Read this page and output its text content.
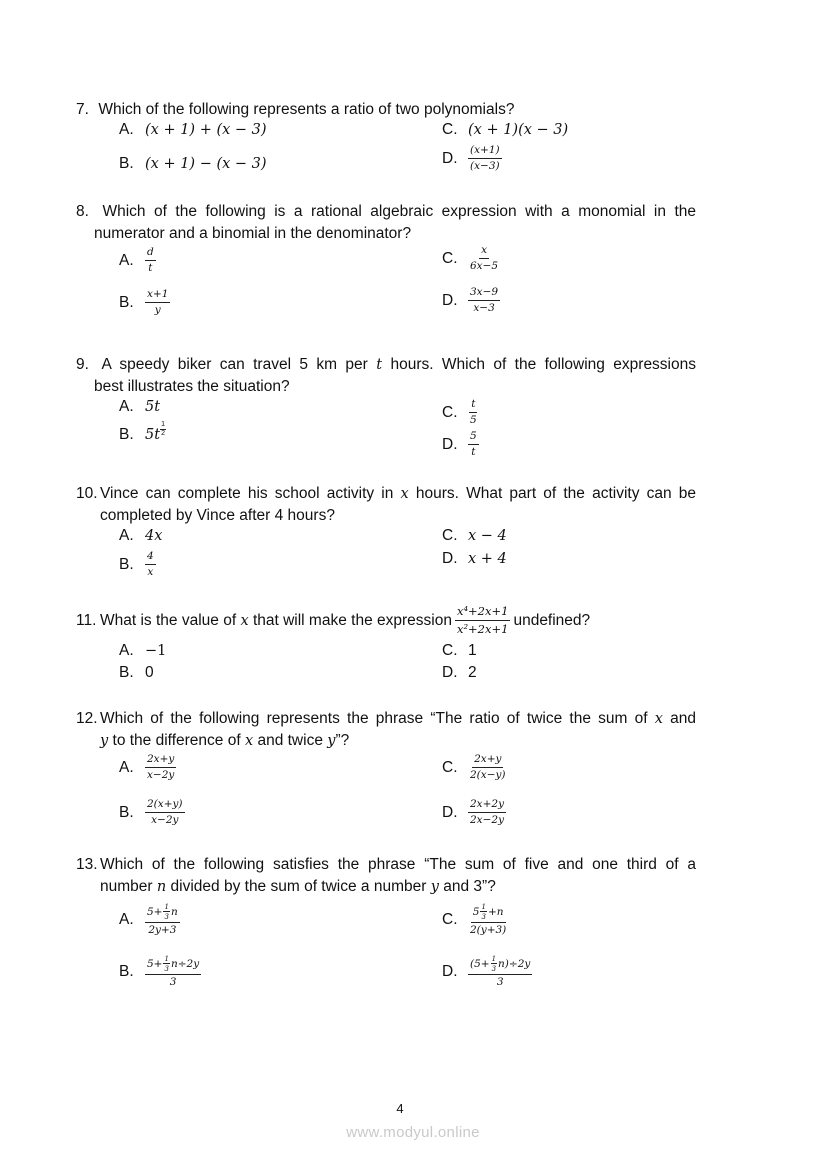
7. Which of the following represents a ratio of two polynomials?
A. (x + 1) + (x − 3)
B. (x + 1) − (x − 3)
C. (x + 1)(x − 3)
D.	$\frac{(x+1)}{(x-3)}$
8. Which of the following is a rational algebraic expression with a monomial in the
numerator and a binomial in the denominator?
A.	$\frac{d}{t}$
B.	$\frac{x+1}{y}$
C.	$\frac{x}{6x-5}$
D.	$\frac{3x-9}{x-3}$
9. A speedy biker can travel 5 km per t hours. Which of the following expressions
best illustrates the situation?
A. 5t
B. $5t \frac{1}{2}$
C.	$\frac{t}{5}$
D.	$\frac{5}{t}$
10. Vince can complete his school activity in x hours. What part of the activity can be
completed by Vince after 4 hours?
A. 4x
B.	$\frac{4}{x}$
C. x − 4
D. x + 4
11. What is the value of
x
that will make the expression $\frac{\text{x⁴+2x+1}}{\text{x²+2x+1}}$ undefined?
A. −1
B. 0
C. 1
D. 2
12. Which of the following represents the phrase “The ratio of twice the sum of x and
y to the difference of x and twice y”?
A.	$\frac{2x+y}{x-2y}$
B.	$\frac{2(x+y)}{x-2y}$
C.	$\frac{2x+y}{2(x-y)}$
D.	$\frac{2x+2y}{2x-2y}$
13. Which of the following satisfies the phrase “The sum of five and one third of a
number n divided by the sum of twice a number y and 3”?
A.	$\frac{5+ \frac{1}{3} n}{2y+3}$
B.	$\frac{5+ \frac{1}{3} n\div 2y}{3}$
C.	$\frac{5 \frac{1}{3} +n}{2(y+3)}$
D.	$\frac{(5+ \frac{1}{3} n)\div 2y}{3}$
4
www.modyul.online
